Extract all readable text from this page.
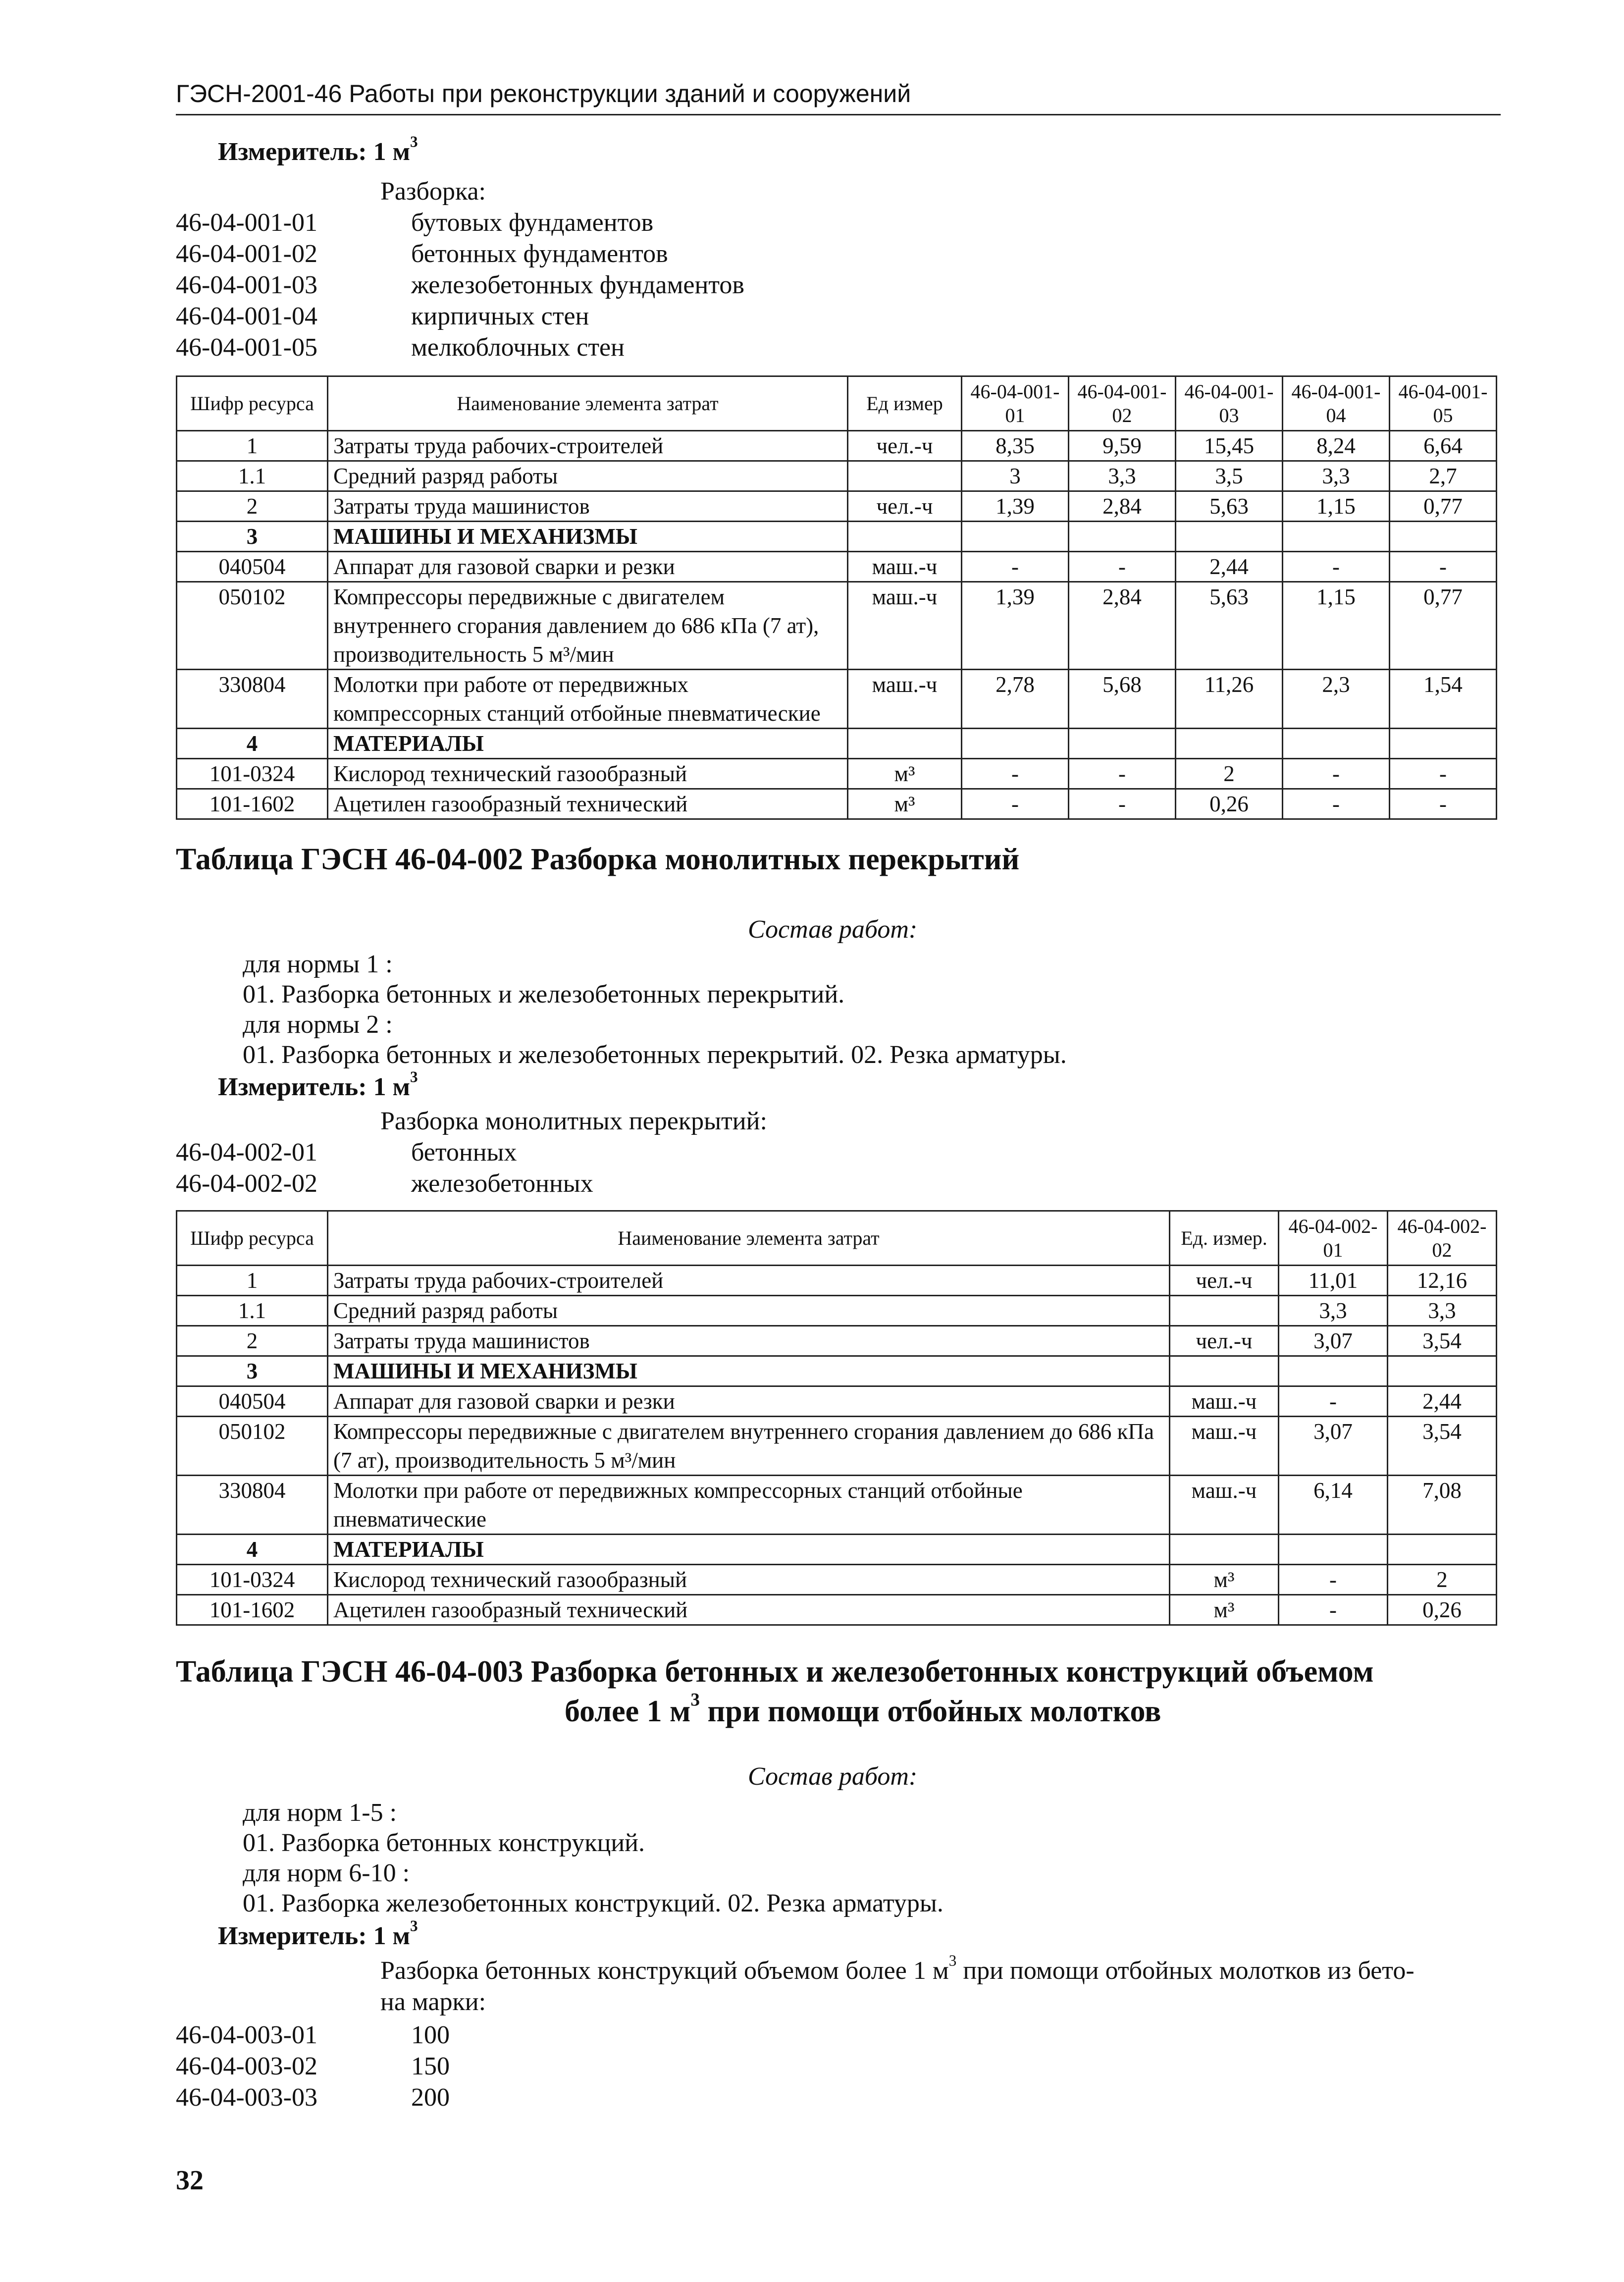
ГЭСН-2001-46 Работы при реконструкции зданий и сооружений
Измеритель: 1 $м^3$
Разборка:
46-04-001-01	бутовых фундаментов
46-04-001-02	бетонных фундаментов
46-04-001-03	железобетонных фундаментов
46-04-001-04	кирпичных стен
46-04-001-05	мелкоблочных стен
Шифр ресурса	Наименование элемента затрат	Ед измер	46-04-001-01	46-04-001-02	46-04-001-03	46-04-001-04	46-04-001-05
1	Затраты труда рабочих-строителей	чел.-ч	8,35	9,59	15,45	8,24	6,64
1.1	Средний разряд работы		3	3,3	3,5	3,3	2,7
2	Затраты труда машинистов	чел.-ч	1,39	2,84	5,63	1,15	0,77
3	МАШИНЫ И МЕХАНИЗМЫ						
040504	Аппарат для газовой сварки и резки	маш.-ч	-	-	2,44	-	-
050102	Компрессоры передвижные с двигателем внутреннего сгорания давлением до 686 кПа (7 ат), производительность 5 м³/мин	маш.-ч	1,39	2,84	5,63	1,15	0,77
330804	Молотки при работе от передвижных компрессорных станций отбойные пневматические	маш.-ч	2,78	5,68	11,26	2,3	1,54
4	МАТЕРИАЛЫ						
101-0324	Кислород технический газообразный	м³	-	-	2	-	-
101-1602	Ацетилен газообразный технический	м³	-	-	0,26	-	-
Таблица ГЭСН 46-04-002 Разборка монолитных перекрытий
Состав работ:
для нормы 1 :
01. Разборка бетонных и железобетонных перекрытий.
для нормы 2 :
01. Разборка бетонных и железобетонных перекрытий. 02. Резка арматуры.
Измеритель: 1 $м^3$
Разборка монолитных перекрытий:
46-04-002-01	бетонных
46-04-002-02	железобетонных
Шифр ресурса	Наименование элемента затрат	Ед. измер.	46-04-002-01	46-04-002-02
1	Затраты труда рабочих-строителей	чел.-ч	11,01	12,16
1.1	Средний разряд работы		3,3	3,3
2	Затраты труда машинистов	чел.-ч	3,07	3,54
3	МАШИНЫ И МЕХАНИЗМЫ			
040504	Аппарат для газовой сварки и резки	маш.-ч	-	2,44
050102	Компрессоры передвижные с двигателем внутреннего сгорания давлением до 686 кПа (7 ат), производительность 5 м³/мин	маш.-ч	3,07	3,54
330804	Молотки при работе от передвижных компрессорных станций отбойные пневматические	маш.-ч	6,14	7,08
4	МАТЕРИАЛЫ			
101-0324	Кислород технический газообразный	м³	-	2
101-1602	Ацетилен газообразный технический	м³	-	0,26
Таблица ГЭСН 46-04-003 Разборка бетонных и железобетонных конструкций объемом
более 1 $м^3$ при помощи отбойных молотков
Состав работ:
для норм 1-5 :
01. Разборка бетонных конструкций.
для норм 6-10 :
01. Разборка железобетонных конструкций. 02. Резка арматуры.
Измеритель: 1 $м^3$
Разборка бетонных конструкций объемом более 1 $м^3$ при помощи отбойных молотков из бето-
на марки:
46-04-003-01	100
46-04-003-02	150
46-04-003-03	200
32
